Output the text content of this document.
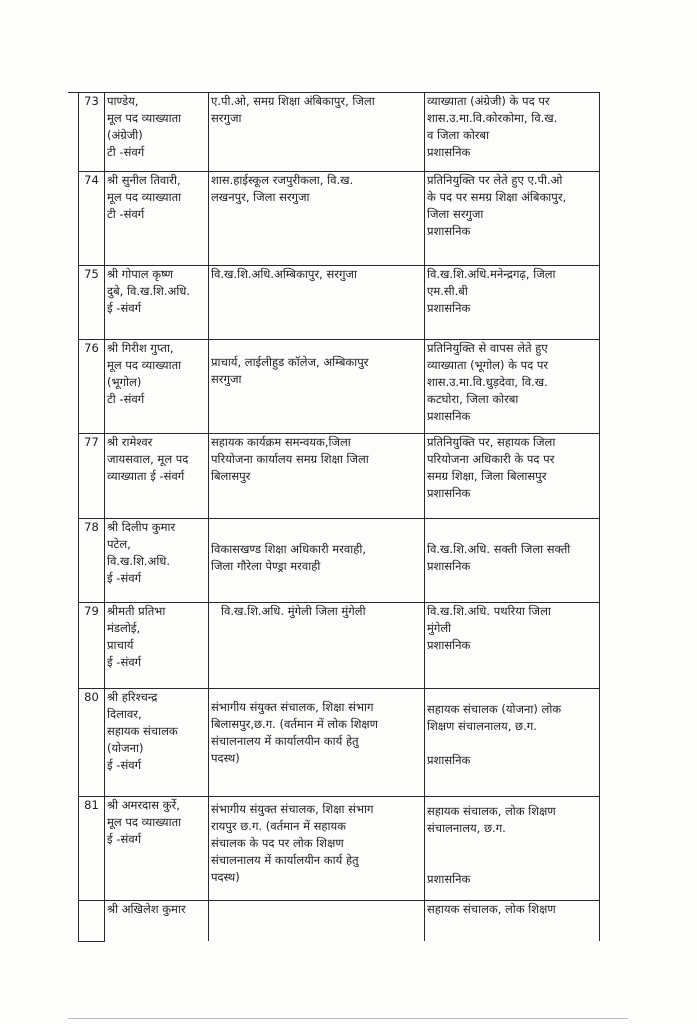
73	पाण्डेय,
मूल पद व्याख्याता
(अंग्रेजी)
टी -संवर्ग	ए.पी.ओ, समग्र शिक्षा अंबिकापुर, जिला
सरगुजा	व्याख्याता (अंग्रेजी) के पद पर
शास.उ.मा.वि.कोरकोमा, वि.ख.
व जिला कोरबा
प्रशासनिक

74	श्री सुनील तिवारी,
मूल पद व्याख्याता
टी -संवर्ग	शास.हाईस्कूल रजपुरीकला, वि.ख.
लखनपुर, जिला सरगुजा	प्रतिनियुक्ति पर लेते हुए ए.पी.ओ
के पद पर समग्र शिक्षा अंबिकापुर,
जिला सरगुजा
प्रशासनिक

75	श्री गोपाल कृष्ण
दुबे, वि.ख.शि.अधि.
ई -संवर्ग	वि.ख.शि.अधि.अम्बिकापुर, सरगुजा	वि.ख.शि.अधि.मनेन्द्रगढ़, जिला
एम.सी.बी
प्रशासनिक

76	श्री गिरीश गुप्ता,
मूल पद व्याख्याता
(भूगोल)
टी -संवर्ग	प्राचार्य, लाईलीहुड कॉलेज, अम्बिकापुर
सरगुजा	प्रतिनियुक्ति से वापस लेते हुए
व्याख्याता (भूगोल) के पद पर
शास.उ.मा.वि.धुड़देवा, वि.ख.
कटघोरा, जिला कोरबा
प्रशासनिक

77	श्री रामेश्वर
जायसवाल, मूल पद
व्याख्याता ई -संवर्ग	सहायक कार्यक्रम समन्वयक,जिला
परियोजना कार्यालय समग्र शिक्षा जिला
बिलासपुर	प्रतिनियुक्ति पर, सहायक जिला
परियोजना अधिकारी के पद पर
समग्र शिक्षा, जिला बिलासपुर
प्रशासनिक

78	श्री दिलीप कुमार
पटेल,
वि.ख.शि.अधि.
ई -संवर्ग	विकासखण्ड शिक्षा अधिकारी मरवाही,
जिला गौरेला पेण्ड्रा मरवाही	वि.ख.शि.अधि. सक्ती जिला सक्ती
प्रशासनिक

79	श्रीमती प्रतिभा
मंडलोई,
प्राचार्य
ई -संवर्ग	वि.ख.शि.अधि. मुंगेली जिला मुंगेली	वि.ख.शि.अधि. पथरिया जिला
मुंगेली
प्रशासनिक

80	श्री हरिश्चन्द्र
दिलावर,
सहायक संचालक
(योजना)
ई -संवर्ग	संभागीय संयुक्त संचालक, शिक्षा संभाग
बिलासपुर,छ.ग. (वर्तमान में लोक शिक्षण
संचालनालय में कार्यालयीन कार्य हेतु
पदस्थ)	सहायक संचालक (योजना) लोक
शिक्षण संचालनालय, छ.ग.

प्रशासनिक

81	श्री अमरदास कुर्रे,
मूल पद व्याख्याता
ई -संवर्ग	संभागीय संयुक्त संचालक, शिक्षा संभाग
रायपुर छ.ग. (वर्तमान में सहायक
संचालक के पद पर लोक शिक्षण
संचालनालय में कार्यालयीन कार्य हेतु
पदस्थ)	सहायक संचालक, लोक शिक्षण
संचालनालय, छ.ग.

प्रशासनिक

	श्री अखिलेश कुमार		सहायक संचालक, लोक शिक्षण
